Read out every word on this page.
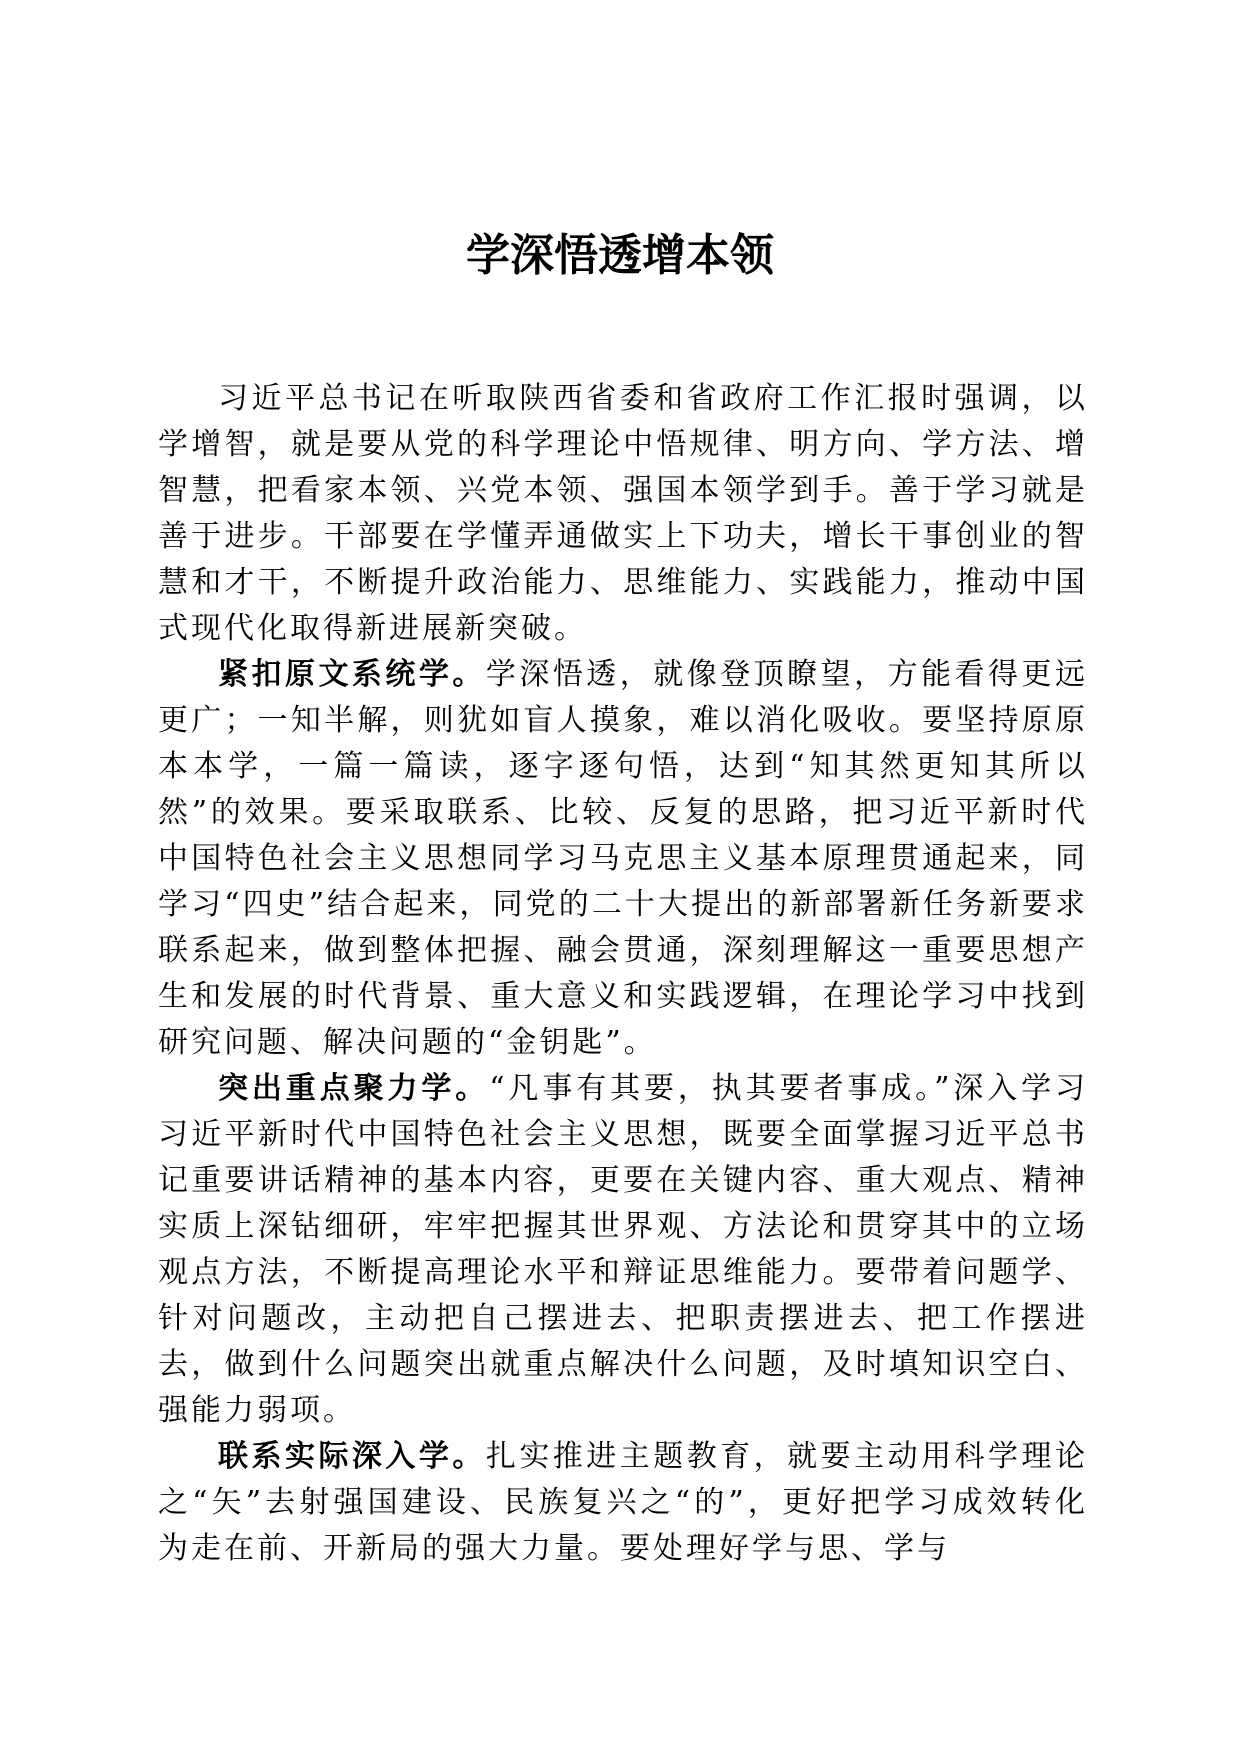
学深悟透增本领

习近平总书记在听取陕西省委和省政府工作汇报时强调，以学增智，就是要从党的科学理论中悟规律、明方向、学方法、增智慧，把看家本领、兴党本领、强国本领学到手。善于学习就是善于进步。干部要在学懂弄通做实上下功夫，增长干事创业的智慧和才干，不断提升政治能力、思维能力、实践能力，推动中国式现代化取得新进展新突破。

紧扣原文系统学。学深悟透，就像登顶瞭望，方能看得更远更广；一知半解，则犹如盲人摸象，难以消化吸收。要坚持原原本本学，一篇一篇读，逐字逐句悟，达到“知其然更知其所以然”的效果。要采取联系、比较、反复的思路，把习近平新时代中国特色社会主义思想同学习马克思主义基本原理贯通起来，同学习“四史”结合起来，同党的二十大提出的新部署新任务新要求联系起来，做到整体把握、融会贯通，深刻理解这一重要思想产生和发展的时代背景、重大意义和实践逻辑，在理论学习中找到研究问题、解决问题的“金钥匙”。

突出重点聚力学。“凡事有其要，执其要者事成。”深入学习习近平新时代中国特色社会主义思想，既要全面掌握习近平总书记重要讲话精神的基本内容，更要在关键内容、重大观点、精神实质上深钻细研，牢牢把握其世界观、方法论和贯穿其中的立场观点方法，不断提高理论水平和辩证思维能力。要带着问题学、针对问题改，主动把自己摆进去、把职责摆进去、把工作摆进去，做到什么问题突出就重点解决什么问题，及时填知识空白、强能力弱项。

联系实际深入学。扎实推进主题教育，就要主动用科学理论之“矢”去射强国建设、民族复兴之“的”，更好把学习成效转化为走在前、开新局的强大力量。要处理好学与思、学与
